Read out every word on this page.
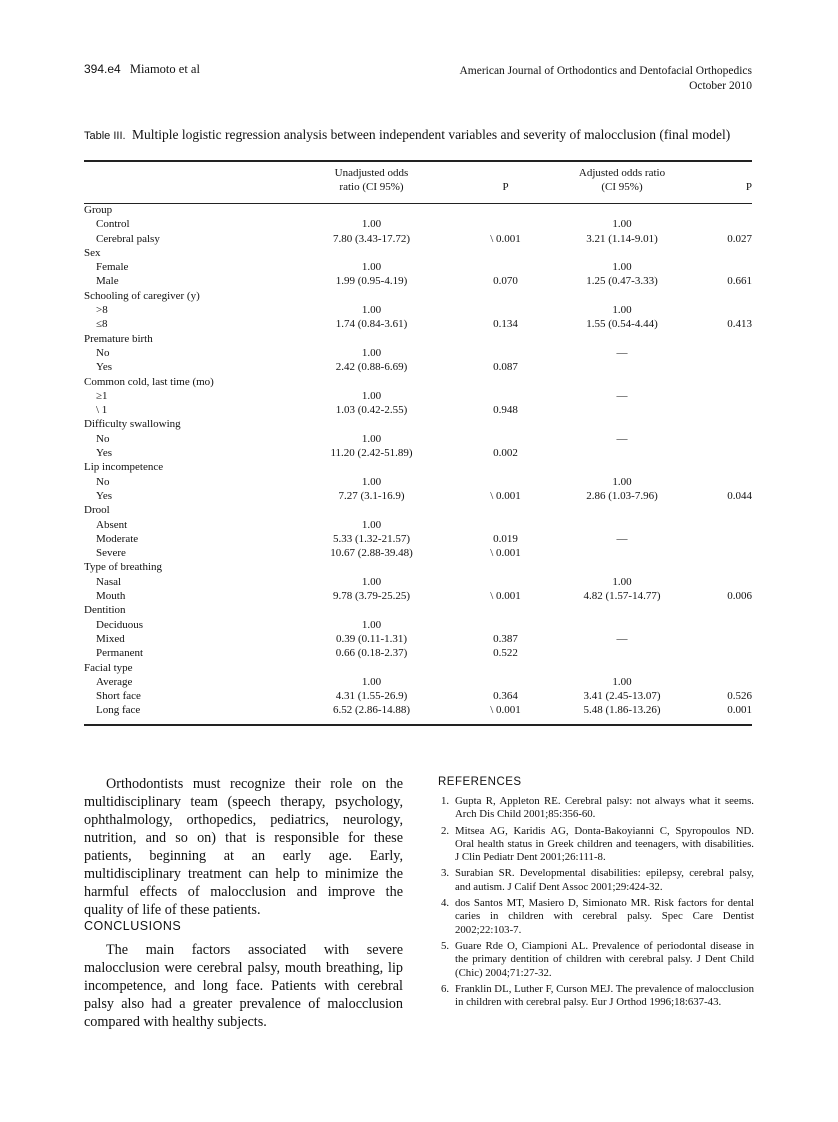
394.e4 Miamoto et al	American Journal of Orthodontics and Dentofacial Orthopedics
October 2010
Table III. Multiple logistic regression analysis between independent variables and severity of malocclusion (final model)
	Unadjusted odds		Adjusted odds ratio	
	ratio (CI 95%)	P	(CI 95%)	P

Group				
Control	1.00		1.00	
Cerebral palsy	7.80 (3.43-17.72)	\ 0.001	3.21 (1.14-9.01)	0.027
Sex				
Female	1.00		1.00	
Male	1.99 (0.95-4.19)	0.070	1.25 (0.47-3.33)	0.661
Schooling of caregiver (y)				
>8	1.00		1.00	
≤8	1.74 (0.84-3.61)	0.134	1.55 (0.54-4.44)	0.413
Premature birth				
No	1.00		—	
Yes	2.42 (0.88-6.69)	0.087		
Common cold, last time (mo)				
≥1	1.00		—	
\ 1	1.03 (0.42-2.55)	0.948		
Difficulty swallowing				
No	1.00		—	
Yes	11.20 (2.42-51.89)	0.002		
Lip incompetence				
No	1.00		1.00	
Yes	7.27 (3.1-16.9)	\ 0.001	2.86 (1.03-7.96)	0.044
Drool				
Absent	1.00			
Moderate	5.33 (1.32-21.57)	0.019	—	
Severe	10.67 (2.88-39.48)	\ 0.001		
Type of breathing				
Nasal	1.00		1.00	
Mouth	9.78 (3.79-25.25)	\ 0.001	4.82 (1.57-14.77)	0.006
Dentition				
Deciduous	1.00			
Mixed	0.39 (0.11-1.31)	0.387	—	
Permanent	0.66 (0.18-2.37)	0.522		
Facial type				
Average	1.00		1.00	
Short face	4.31 (1.55-26.9)	0.364	3.41 (2.45-13.07)	0.526
Long face	6.52 (2.86-14.88)	\ 0.001	5.48 (1.86-13.26)	0.001

Orthodontists must recognize their role on the multidisciplinary team (speech therapy, psychology, ophthalmology, orthopedics, pediatrics, neurology, nutrition, and so on) that is responsible for these patients, beginning at an early age. Early, multidisciplinary treatment can help to minimize the harmful effects of malocclusion and improve the quality of life of these patients.

CONCLUSIONS

The main factors associated with severe malocclusion were cerebral palsy, mouth breathing, lip incompetence, and long face. Patients with cerebral palsy also had a greater prevalence of malocclusion compared with healthy subjects.

REFERENCES
1. Gupta R, Appleton RE. Cerebral palsy: not always what it seems. Arch Dis Child 2001;85:356-60.
2. Mitsea AG, Karidis AG, Donta-Bakoyianni C, Spyropoulos ND. Oral health status in Greek children and teenagers, with disabilities. J Clin Pediatr Dent 2001;26:111-8.
3. Surabian SR. Developmental disabilities: epilepsy, cerebral palsy, and autism. J Calif Dent Assoc 2001;29:424-32.
4. dos Santos MT, Masiero D, Simionato MR. Risk factors for dental caries in children with cerebral palsy. Spec Care Dentist 2002;22:103-7.
5. Guare Rde O, Ciampioni AL. Prevalence of periodontal disease in the primary dentition of children with cerebral palsy. J Dent Child (Chic) 2004;71:27-32.
6. Franklin DL, Luther F, Curson MEJ. The prevalence of malocclusion in children with cerebral palsy. Eur J Orthod 1996;18:637-43.
